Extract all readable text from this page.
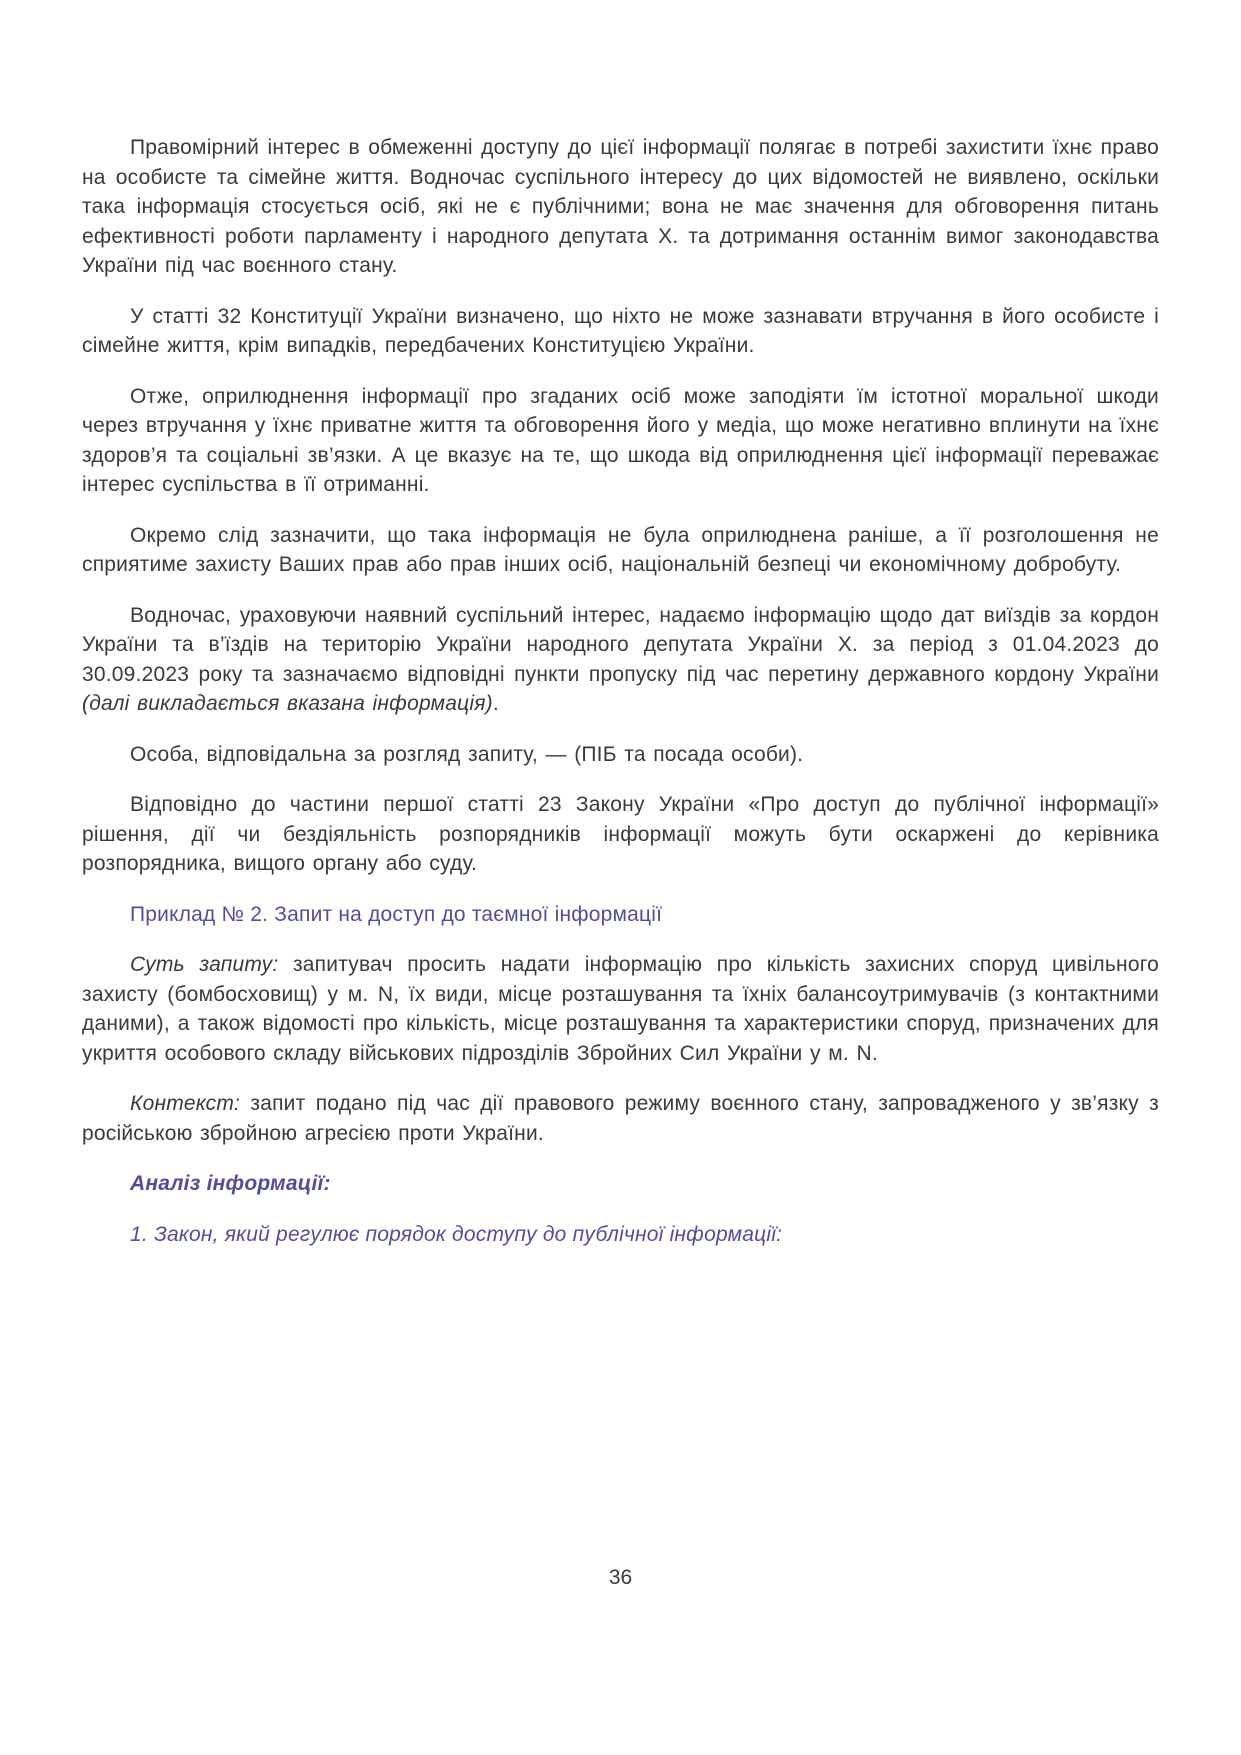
Правомірний інтерес в обмеженні доступу до цієї інформації полягає в потребі захистити їхнє право на особисте та сімейне життя. Водночас суспільного інтересу до цих відомостей не виявлено, оскільки така інформація стосується осіб, які не є публічними; вона не має значення для обговорення питань ефективності роботи парламенту і народного депутата Х. та дотримання останнім вимог законодавства України під час воєнного стану.

У статті 32 Конституції України визначено, що ніхто не може зазнавати втручання в його особисте і сімейне життя, крім випадків, передбачених Конституцією України.

Отже, оприлюднення інформації про згаданих осіб може заподіяти їм істотної моральної шкоди через втручання у їхнє приватне життя та обговорення його у медіа, що може негативно вплинути на їхнє здоров’я та соціальні зв’язки. А це вказує на те, що шкода від оприлюднення цієї інформації переважає інтерес суспільства в її отриманні.

Окремо слід зазначити, що така інформація не була оприлюднена раніше, а її розголошення не сприятиме захисту Ваших прав або прав інших осіб, національній безпеці чи економічному добробуту.

Водночас, ураховуючи наявний суспільний інтерес, надаємо інформацію щодо дат виїздів за кордон України та в’їздів на територію України народного депутата України Х. за період з 01.04.2023 до 30.09.2023 року та зазначаємо відповідні пункти пропуску під час перетину державного кордону України (далі викладається вказана інформація).

Особа, відповідальна за розгляд запиту, — (ПІБ та посада особи).

Відповідно до частини першої статті 23 Закону України «Про доступ до публічної інформації» рішення, дії чи бездіяльність розпорядників інформації можуть бути оскаржені до керівника розпорядника, вищого органу або суду.

Приклад № 2. Запит на доступ до таємної інформації

Суть запиту: запитувач просить надати інформацію про кількість захисних споруд цивільного захисту (бомбосховищ) у м. N, їх види, місце розташування та їхніх балансоутримувачів (з контактними даними), а також відомості про кількість, місце розташування та характеристики споруд, призначених для укриття особового складу військових підрозділів Збройних Сил України у м. N.

Контекст: запит подано під час дії правового режиму воєнного стану, запровадженого у зв’язку з російською збройною агресією проти України.

Аналіз інформації:

1. Закон, який регулює порядок доступу до публічної інформації:

36
